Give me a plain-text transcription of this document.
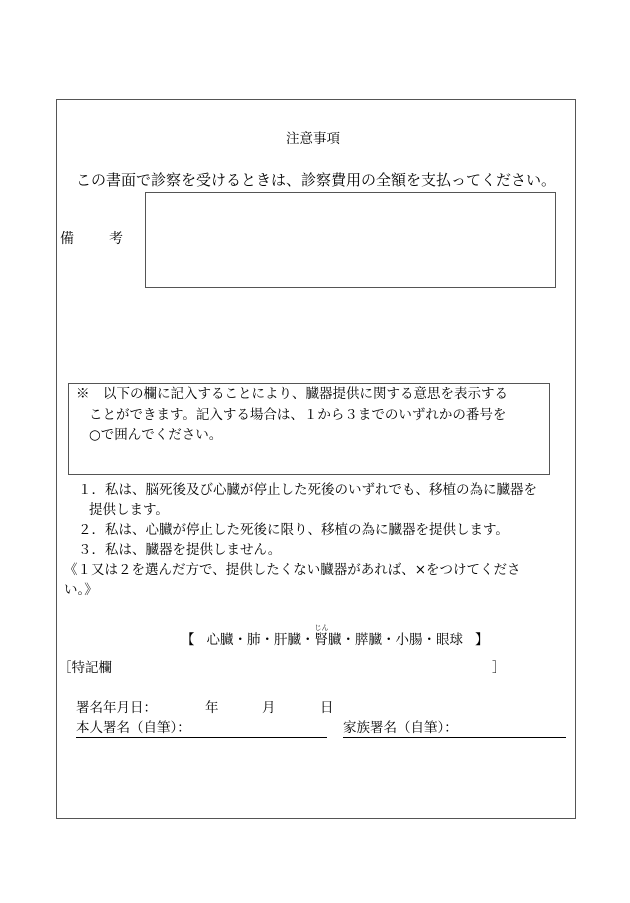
注意事項
この書面で診察を受けるときは、診察費用の全額を支払ってください。
備	考
※　以下の欄に記入することにより、臓器提供に関する意思を表示する
ことができます。記入する場合は、１から３までのいずれかの番号を
○で囲んでください。
１．私は、脳死後及び心臓が停止した死後のいずれでも、移植の為に臓器を
提供します。
２．私は、心臓が停止した死後に限り、移植の為に臓器を提供します。
３．私は、臓器を提供しません。
《１又は２を選んだ方で、提供したくない臓器があれば、×をつけてくださ
い。》
【 心臓・肺・肝臓・
じん
腎臓・膵臓・小腸・眼球 】
［特記欄	］
署名年月日：	年	月	日
本人署名（自筆）：	家族署名（自筆）：
